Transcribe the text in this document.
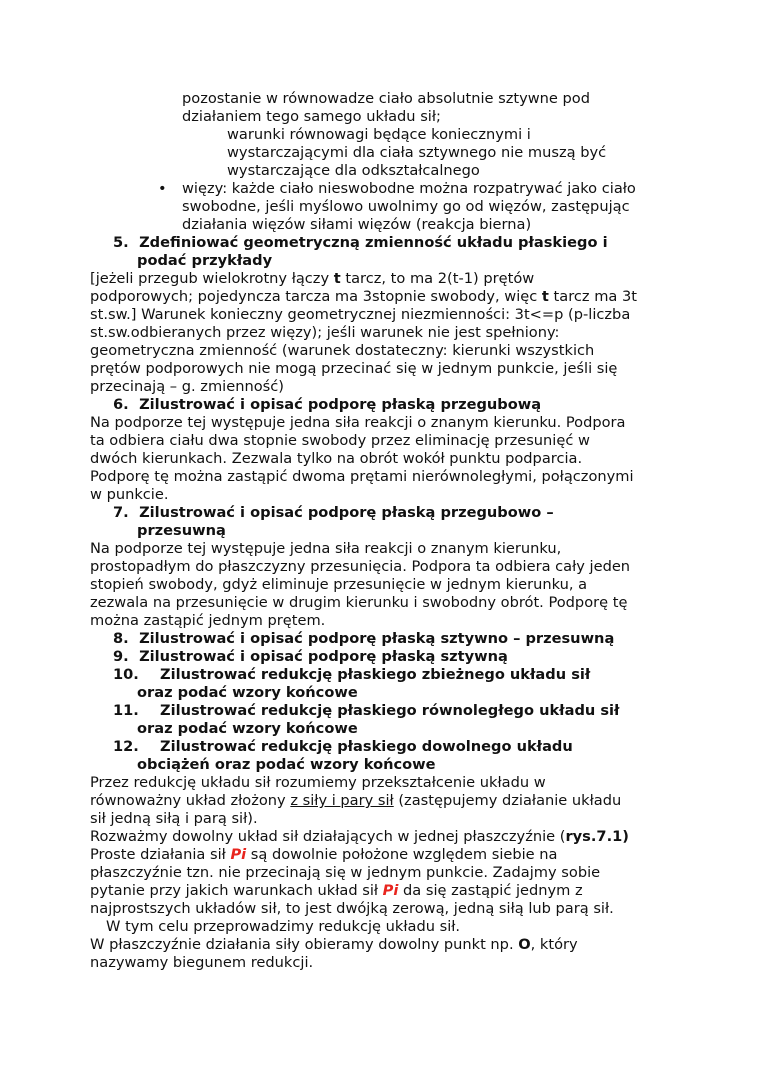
pozostanie w równowadze ciało absolutnie sztywne pod
działaniem tego samego układu sił;
warunki równowagi będące koniecznymi i
wystarczającymi dla ciała sztywnego nie muszą być
wystarczające dla odkształcalnego
• więzy: każde ciało nieswobodne można rozpatrywać jako ciało
swobodne, jeśli myślowo uwolnimy go od więzów, zastępując
działania więzów siłami więzów (reakcja bierna)
5. Zdefiniować geometryczną zmienność układu płaskiego i
podać przykłady
[jeżeli przegub wielokrotny łączy t tarcz, to ma 2(t-1) prętów
podporowych; pojedyncza tarcza ma 3stopnie swobody, więc t tarcz ma 3t
st.sw.] Warunek konieczny geometrycznej niezmienności: 3t<=p (p-liczba
st.sw.odbieranych przez więzy); jeśli warunek nie jest spełniony:
geometryczna zmienność (warunek dostateczny: kierunki wszystkich
prętów podporowych nie mogą przecinać się w jednym punkcie, jeśli się
przecinają – g. zmienność)
6. Zilustrować i opisać podporę płaską przegubową
Na podporze tej występuje jedna siła reakcji o znanym kierunku. Podpora
ta odbiera ciału dwa stopnie swobody przez eliminację przesunięć w
dwóch kierunkach. Zezwala tylko na obrót wokół punktu podparcia.
Podporę tę można zastąpić dwoma prętami nierównoległymi, połączonymi
w punkcie.
7. Zilustrować i opisać podporę płaską przegubowo –
przesuwną
Na podporze tej występuje jedna siła reakcji o znanym kierunku,
prostopadłym do płaszczyzny przesunięcia. Podpora ta odbiera cały jeden
stopień swobody, gdyż eliminuje przesunięcie w jednym kierunku, a
zezwala na przesunięcie w drugim kierunku i swobodny obrót. Podporę tę
można zastąpić jednym prętem.
8. Zilustrować i opisać podporę płaską sztywno – przesuwną
9. Zilustrować i opisać podporę płaską sztywną
10. Zilustrować redukcję płaskiego zbieżnego układu sił
oraz podać wzory końcowe
11. Zilustrować redukcję płaskiego równoległego układu sił
oraz podać wzory końcowe
12. Zilustrować redukcję płaskiego dowolnego układu
obciążeń oraz podać wzory końcowe
Przez redukcję układu sił rozumiemy przekształcenie układu w
równoważny układ złożony z siły i pary sił (zastępujemy działanie układu
sił jedną siłą i parą sił).
Rozważmy dowolny układ sił działających w jednej płaszczyźnie (rys.7.1)
Proste działania sił Pi są dowolnie położone względem siebie na
płaszczyźnie tzn. nie przecinają się w jednym punkcie. Zadajmy sobie
pytanie przy jakich warunkach układ sił Pi da się zastąpić jednym z
najprostszych układów sił, to jest dwójką zerową, jedną siłą lub parą sił.
W tym celu przeprowadzimy redukcję układu sił.
W płaszczyźnie działania siły obieramy dowolny punkt np. O, który
nazywamy biegunem redukcji.
